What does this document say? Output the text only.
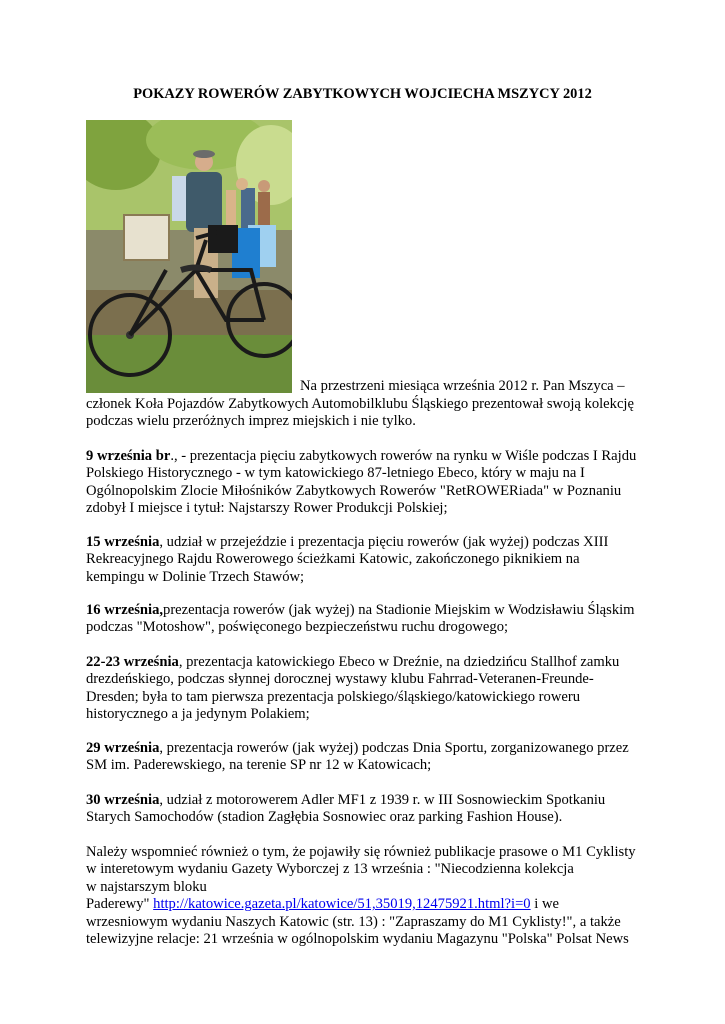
POKAZY ROWERÓW ZABYTKOWYCH WOJCIECHA MSZYCY 2012
Na przestrzeni miesiąca września 2012 r. Pan Mszyca –

członek Koła Pojazdów Zabytkowych Automobilklubu Śląskiego prezentował swoją kolekcję

podczas wielu przeróżnych imprez miejskich i nie tylko.

9 września br., - prezentacja pięciu zabytkowych rowerów na rynku w Wiśle podczas I Rajdu

Polskiego Historycznego - w tym katowickiego 87-letniego Ebeco, który w maju na I

Ogólnopolskim Zlocie Miłośników Zabytkowych Rowerów "RetROWERiada" w Poznaniu

zdobył I miejsce i tytuł: Najstarszy Rower Produkcji Polskiej;

15 września, udział w przejeździe i prezentacja pięciu rowerów (jak wyżej) podczas XIII

Rekreacyjnego Rajdu Rowerowego ścieżkami Katowic, zakończonego piknikiem na

kempingu w Dolinie Trzech Stawów;

16 września,prezentacja rowerów (jak wyżej) na Stadionie Miejskim w Wodzisławiu Śląskim

podczas "Motoshow", poświęconego bezpieczeństwu ruchu drogowego;

22-23 września, prezentacja katowickiego Ebeco w Dreźnie, na dziedzińcu Stallhof zamku

drezdeńskiego, podczas słynnej dorocznej wystawy klubu Fahrrad-Veteranen-Freunde-

Dresden; była to tam pierwsza prezentacja polskiego/śląskiego/katowickiego roweru

historycznego a ja jedynym Polakiem;

29 września, prezentacja rowerów (jak wyżej) podczas Dnia Sportu, zorganizowanego przez

SM im. Paderewskiego, na terenie SP nr 12 w Katowicach;

30 września, udział z motorowerem Adler MF1 z 1939 r. w III Sosnowieckim Spotkaniu

Starych Samochodów (stadion Zagłębia Sosnowiec oraz parking Fashion House).

Należy wspomnieć również o tym, że pojawiły się również publikacje prasowe o M1 Cyklisty

w interetowym wydaniu Gazety Wyborczej z 13 września : "Niecodzienna kolekcja

w najstarszym bloku

Paderewy" http://katowice.gazeta.pl/katowice/51,35019,12475921.html?i=0 i we

wrzesniowym wydaniu Naszych Katowic (str. 13) : "Zapraszamy do M1 Cyklisty!", a także

telewizyjne relacje: 21 września w ogólnopolskim wydaniu Magazynu "Polska" Polsat News
